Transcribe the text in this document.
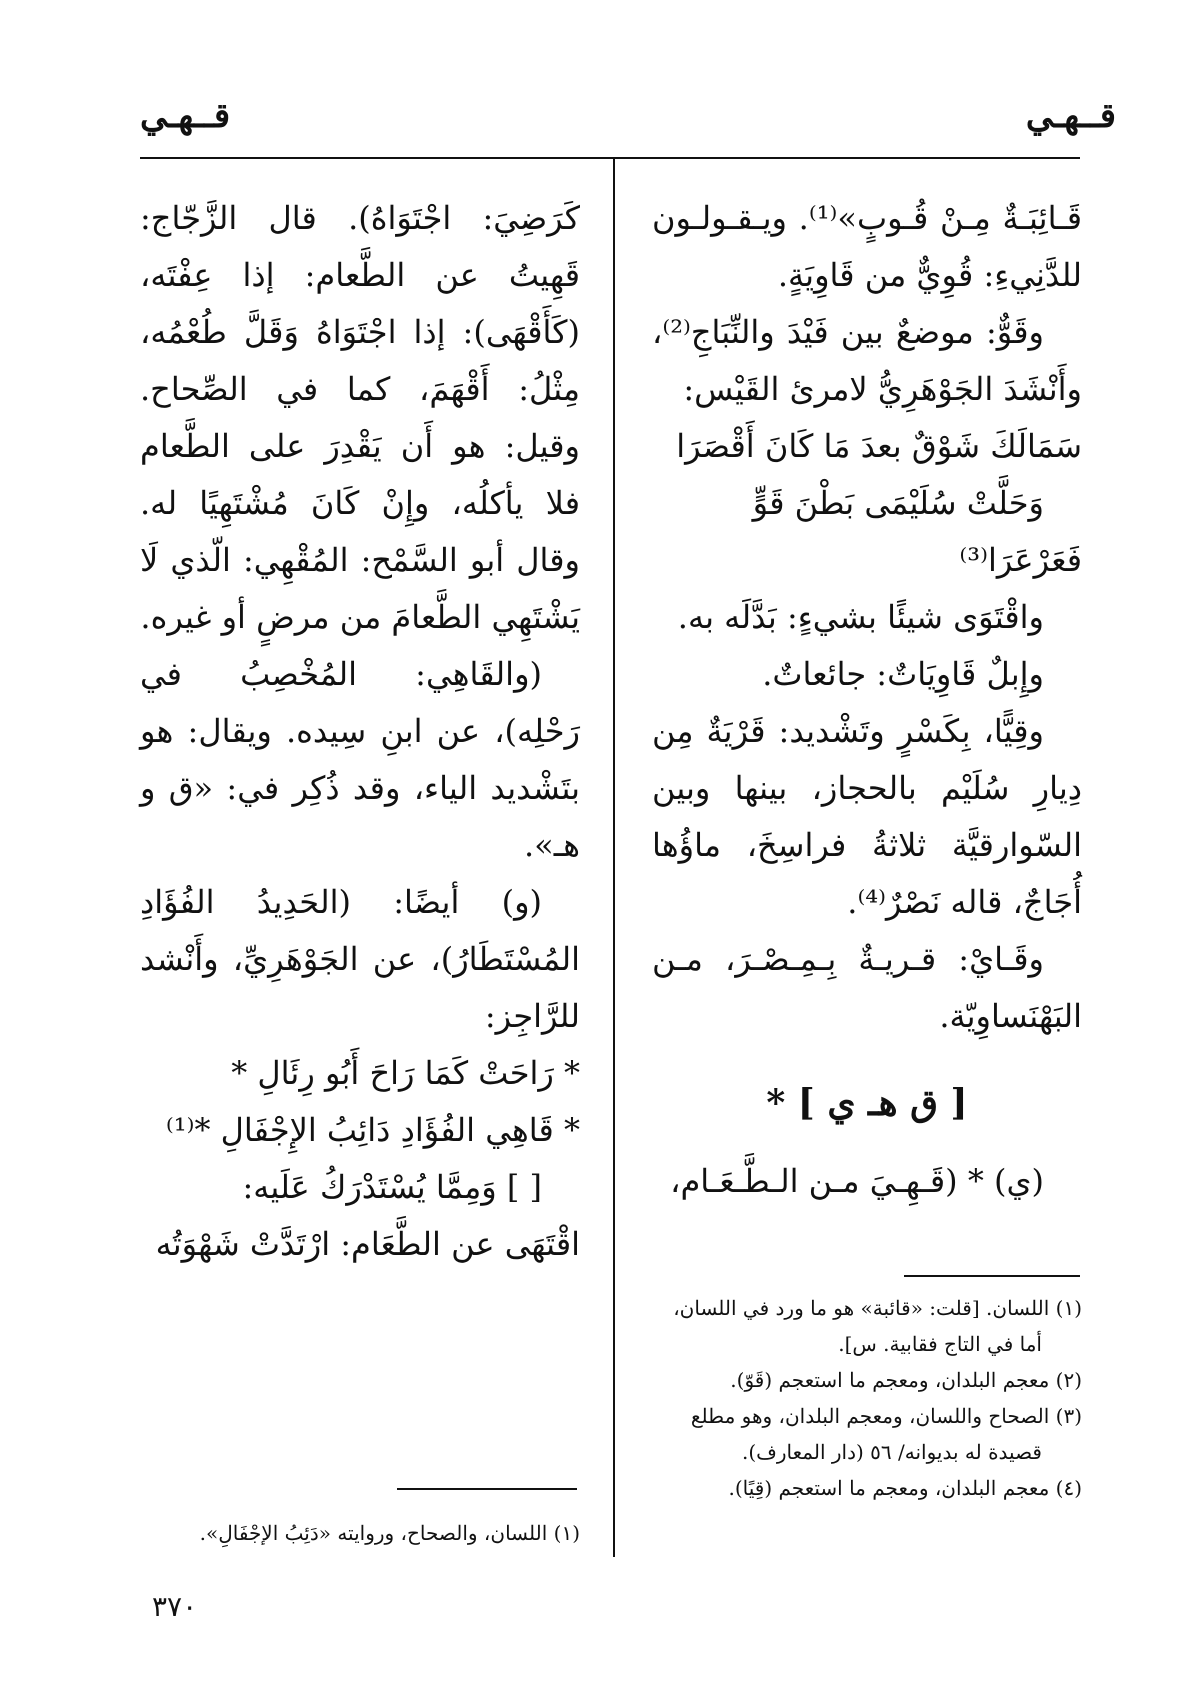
قــهـي
قــهـي

قَـائِبَـةٌ مِـنْ قُـوبٍ»⁽¹⁾. ويـقـولـون للدَّنِيءِ: قُوِيٌّ من قَاوِيَةٍ.

وقَوٌّ: موضعٌ بين فَيْدَ والنِّبَاجِ⁽²⁾، وأَنْشَدَ الجَوْهَرِيُّ لامرئ القَيْس:

سَمَالَكَ شَوْقٌ بعدَ مَا كَانَ أَقْصَرَا

وَحَلَّتْ سُلَيْمَى بَطْنَ قَوٍّ فَعَرْعَرَا⁽³⁾

واقْتَوَى شيئًا بشيءٍ: بَدَّلَه به.

وإِبلٌ قَاوِيَاتٌ: جائعاتٌ.

وقِيًّا، بِكَسْرٍ وتَشْديد: قَرْيَةٌ مِن دِيارِ سُلَيْم بالحجاز، بينها وبين السّوارقيَّة ثلاثةُ فراسِخَ، ماؤُها أُجَاجٌ، قاله نَصْرٌ⁽⁴⁾.

وقَـايْ: قـريـةٌ بِـمِـصْـرَ، مـن البَهْنَساوِيّة.

[ ق هـ ي ] *

(ي) * (قَـهِـيَ مـن الـطَّـعَـام،

(١) اللسان. [قلت: «قائبة» هو ما ورد في اللسان،

أما في التاج فقابية. س].

(٢) معجم البلدان، ومعجم ما استعجم (قَوّ).

(٣) الصحاح واللسان، ومعجم البلدان، وهو مطلع

قصيدة له بديوانه/ ٥٦ (دار المعارف).

(٤) معجم البلدان، ومعجم ما استعجم (قِيًا).

كَرَضِيَ: اجْتَوَاهُ). قال الزَّجّاج: قَهِيتُ عن الطَّعام: إذا عِفْتَه، (كَأَقْهَى): إذا اجْتَوَاهُ وَقَلَّ طُعْمُه، مِثْلُ: أَقْهَمَ، كما في الصِّحاح. وقيل: هو أَن يَقْدِرَ على الطَّعام فلا يأكلُه، وإِنْ كَانَ مُشْتَهِيًا له. وقال أبو السَّمْح: المُقْهِي: الّذي لَا يَشْتَهِي الطَّعامَ من مرضٍ أو غيره.

(والقَاهِي: المُخْصِبُ في رَحْلِه)، عن ابنِ سِيده. ويقال: هو بتَشْديد الياء، وقد ذُكِر في: «ق و هـ».

(و) أيضًا: (الحَدِيدُ الفُؤَادِ المُسْتَطَارُ)، عن الجَوْهَرِيِّ، وأَنْشد للرَّاجِز:

* رَاحَتْ كَمَا رَاحَ أَبُو رِئَالِ *

* قَاهِي الفُؤَادِ دَائِبُ الإِجْفَالِ *⁽¹⁾

[ ] وَمِمَّا يُسْتَدْرَكُ عَلَيه:

اقْتَهَى عن الطَّعَام: ارْتَدَّتْ شَهْوَتُه

(١) اللسان، والصحاح، وروايته «دَئِبُ الإجْفَالِ».

٣٧٠
